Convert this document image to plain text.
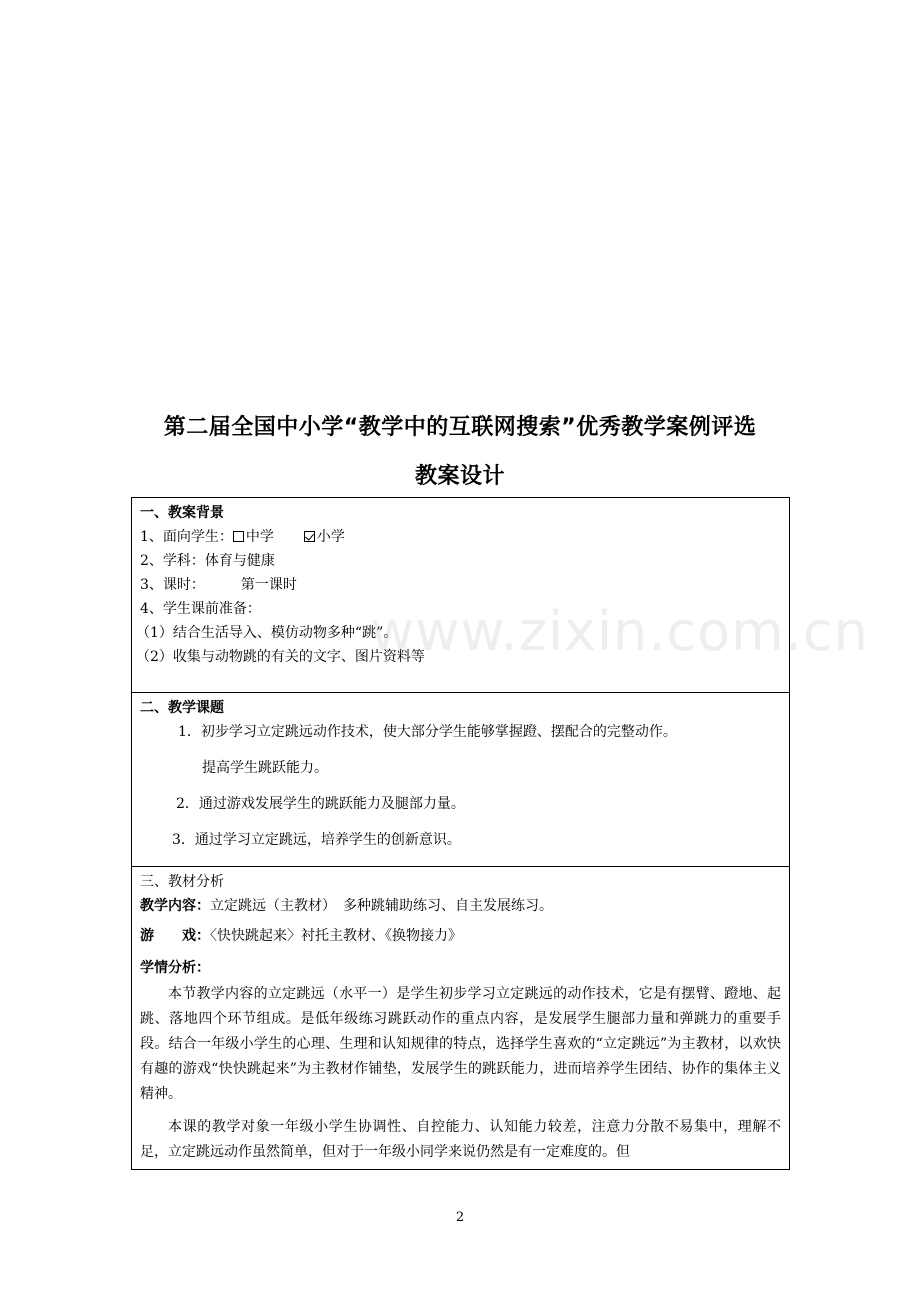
第二届全国中小学“教学中的互联网搜索”优秀教学案例评选
教案设计
一、教案背景
1、面向学生： 中学	小学
2、学科：体育与健康
3、课时：	第一课时
4、学生课前准备：
（1）结合生活导入、模仿动物多种“跳”。
（2）收集与动物跳的有关的文字、图片资料等
二、教学课题
1．初步学习立定跳远动作技术，使大部分学生能够掌握蹬、摆配合的完整动作。
提高学生跳跃能力。
2．通过游戏发展学生的跳跃能力及腿部力量。
3．通过学习立定跳远，培养学生的创新意识。
三、教材分析
教学内容：立定跳远（主教材）　多种跳辅助练习、自主发展练习。
游　　戏：〈快快跳起来〉衬托主教材、《换物接力》
学情分析：

本节教学内容的立定跳远（水平一）是学生初步学习立定跳远的动作技术，它是有摆臂、蹬地、起跳、落地四个环节组成。是低年级练习跳跃动作的重点内容，是发展学生腿部力量和弹跳力的重要手段。结合一年级小学生的心理、生理和认知规律的特点，选择学生喜欢的“立定跳远”为主教材，以欢快有趣的游戏“快快跳起来”为主教材作铺垫，发展学生的跳跃能力，进而培养学生团结、协作的集体主义精神。

本课的教学对象一年级小学生协调性、自控能力、认知能力较差，注意力分散不易集中，理解不足，立定跳远动作虽然简单，但对于一年级小同学来说仍然是有一定难度的。但

www.zixin.com.cn
2
